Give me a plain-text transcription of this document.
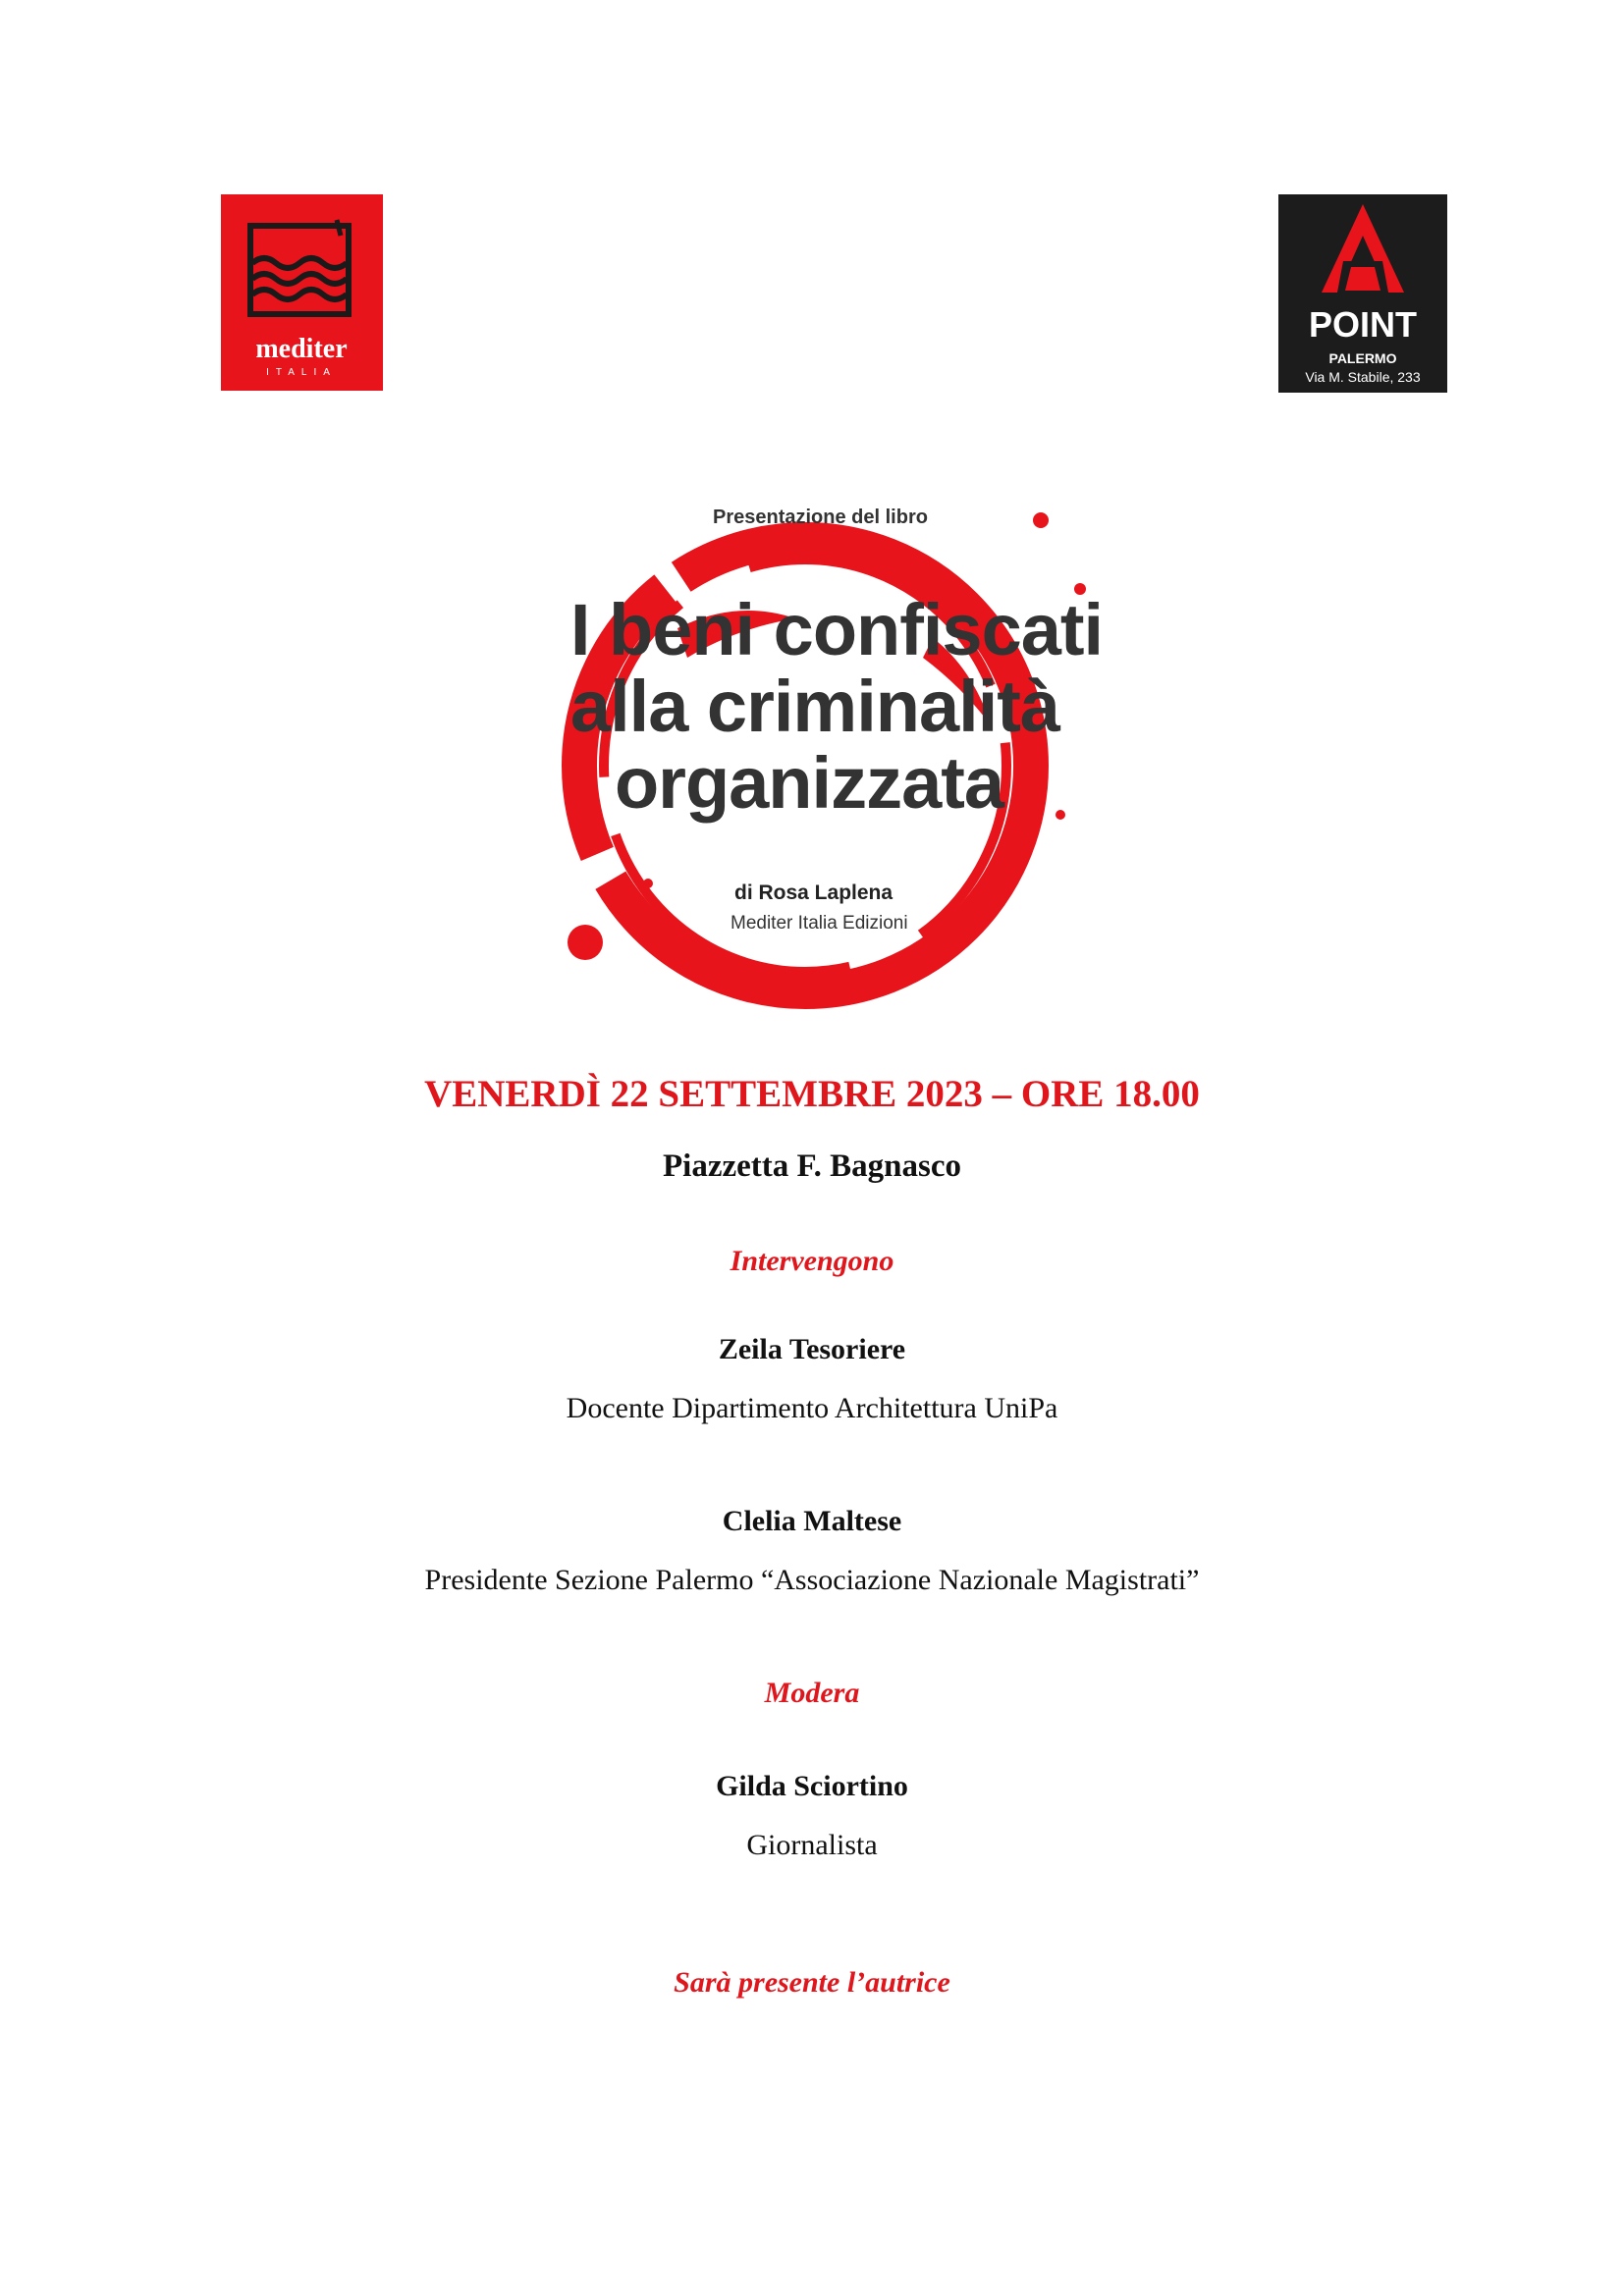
mediter
ITALIA
POINT
PALERMO
Via M. Stabile, 233
Presentazione del libro
I beni confiscati
alla criminalità
organizzata
di Rosa Laplena
Mediter Italia Edizioni
VENERDÌ 22 SETTEMBRE 2023 – ORE 18.00
Piazzetta F. Bagnasco
Intervengono
Zeila Tesoriere
Docente Dipartimento Architettura UniPa
Clelia Maltese
Presidente Sezione Palermo “Associazione Nazionale Magistrati”
Modera
Gilda Sciortino
Giornalista
Sarà presente l’autrice
